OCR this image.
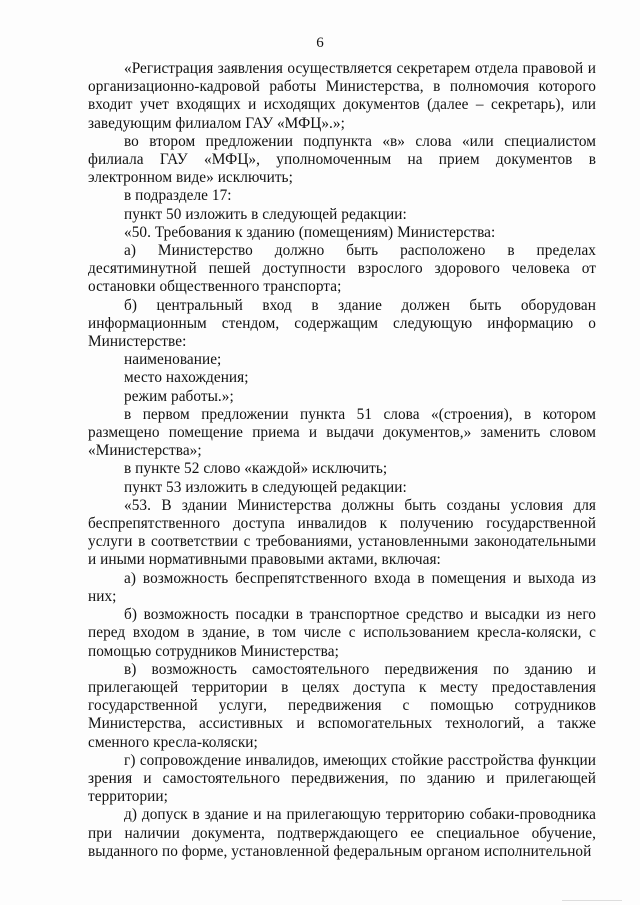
6

«Регистрация заявления осуществляется секретарем отдела правовой и организационно-кадровой работы Министерства, в полномочия которого входит учет входящих и исходящих документов (далее – секретарь), или заведующим филиалом ГАУ «МФЦ».»;

во втором предложении подпункта «в» слова «или специалистом филиала ГАУ «МФЦ», уполномоченным на прием документов в электронном виде» исключить;

в подразделе 17:

пункт 50 изложить в следующей редакции:

«50. Требования к зданию (помещениям) Министерства:

а) Министерство должно быть расположено в пределах десятиминутной пешей доступности взрослого здорового человека от остановки общественного транспорта;

б) центральный вход в здание должен быть оборудован информационным стендом, содержащим следующую информацию о Министерстве:

наименование;

место нахождения;

режим работы.»;

в первом предложении пункта 51 слова «(строения), в котором размещено помещение приема и выдачи документов,» заменить словом «Министерства»;

в пункте 52 слово «каждой» исключить;

пункт 53 изложить в следующей редакции:

«53. В здании Министерства должны быть созданы условия для беспрепятственного доступа инвалидов к получению государственной услуги в соответствии с требованиями, установленными законодательными и иными нормативными правовыми актами, включая:

а) возможность беспрепятственного входа в помещения и выхода из них;

б) возможность посадки в транспортное средство и высадки из него перед входом в здание, в том числе с использованием кресла-коляски, с помощью сотрудников Министерства;

в) возможность самостоятельного передвижения по зданию и прилегающей территории в целях доступа к месту предоставления государственной услуги, передвижения с помощью сотрудников Министерства, ассистивных и вспомогательных технологий, а также сменного кресла-коляски;

г) сопровождение инвалидов, имеющих стойкие расстройства функции зрения и самостоятельного передвижения, по зданию и прилегающей территории;

д) допуск в здание и на прилегающую территорию собаки-проводника при наличии документа, подтверждающего ее специальное обучение, выданного по форме, установленной федеральным органом исполнительной
